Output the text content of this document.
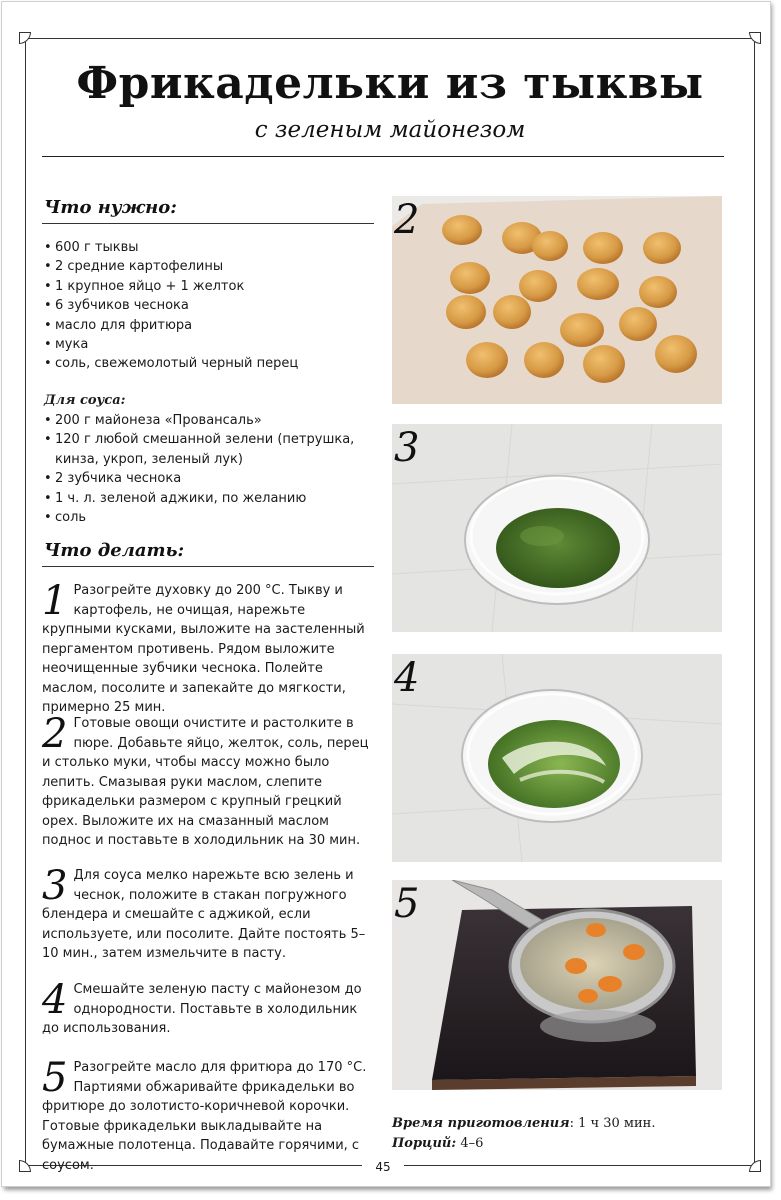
Фрикадельки из тыквы
с зеленым майонезом
Что нужно:
• 600 г тыквы
• 2 средние картофелины
• 1 крупное яйцо + 1 желток
• 6 зубчиков чеснока
• масло для фритюра
• мука
• соль, свежемолотый черный перец
Для соуса:
• 200 г майонеза «Провансаль»
• 120 г любой смешанной зелени (петрушка, кинза, укроп, зеленый лук)
• 2 зубчика чеснока
• 1 ч. л. зеленой аджики, по желанию
• соль
Что делать:
1 Разогрейте духовку до 200 °С. Тыкву и картофель, не очищая, нарежьте крупными кусками, выложите на застеленный пергаментом противень. Рядом выложите неочищенные зубчики чеснока. Полейте маслом, посолите и запекайте до мягкости, примерно 25 мин.
2 Готовые овощи очистите и растолките в пюре. Добавьте яйцо, желток, соль, перец и столько муки, чтобы массу можно было лепить. Смазывая руки маслом, слепите фрикадельки размером с крупный грецкий орех. Выложите их на смазанный маслом поднос и поставьте в холодильник на 30 мин.
3 Для соуса мелко нарежьте всю зелень и чеснок, положите в стакан погружного блендера и смешайте с аджикой, если используете, или посолите. Дайте постоять 5–10 мин., затем измельчите в пасту.
4 Смешайте зеленую пасту с майонезом до однородности. Поставьте в холодильник до использования.
5 Разогрейте масло для фритюра до 170 °С. Партиями обжаривайте фрикадельки во фритюре до золотисто-коричневой корочки. Готовые фрикадельки выкладывайте на бумажные полотенца. Подавайте горячими, с соусом.
2
3
4
5
Время приготовления: 1 ч 30 мин.
Порций: 4–6
45
